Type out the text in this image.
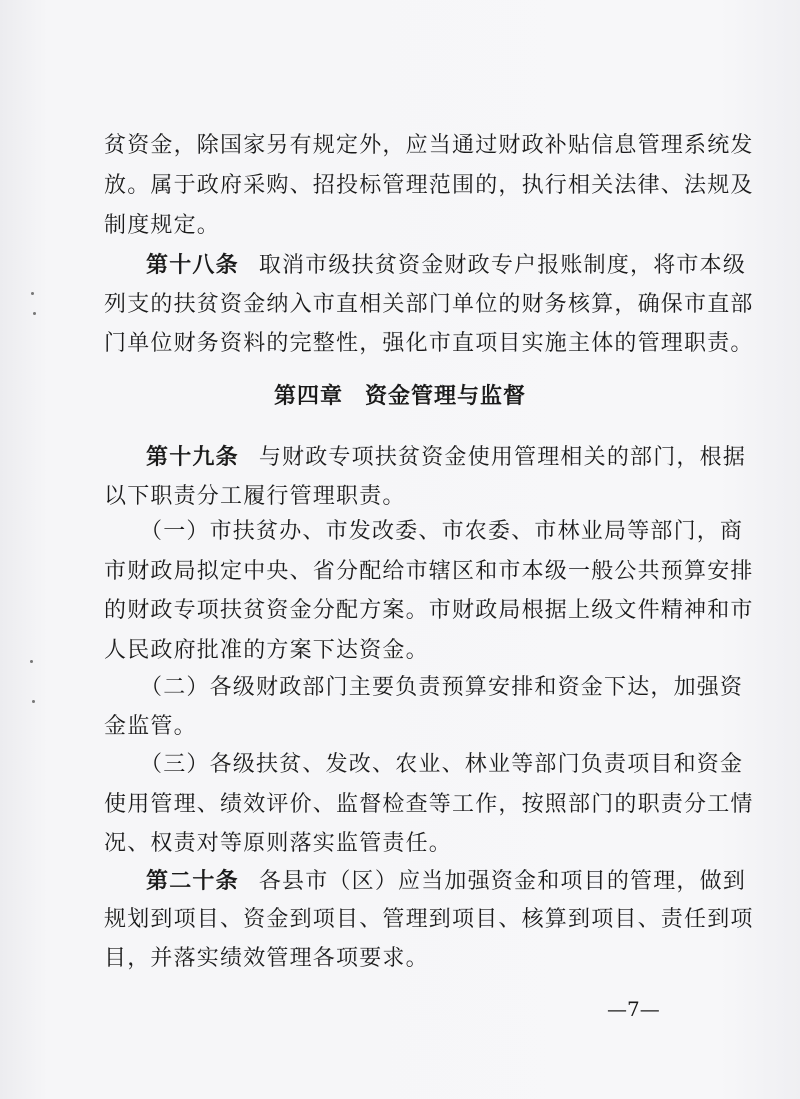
贫资金，除国家另有规定外，应当通过财政补贴信息管理系统发
放。属于政府采购、招投标管理范围的，执行相关法律、法规及
制度规定。
第十八条 取消市级扶贫资金财政专户报账制度，将市本级
列支的扶贫资金纳入市直相关部门单位的财务核算，确保市直部
门单位财务资料的完整性，强化市直项目实施主体的管理职责。
第四章 资金管理与监督
第十九条 与财政专项扶贫资金使用管理相关的部门，根据
以下职责分工履行管理职责。
（一）市扶贫办、市发改委、市农委、市林业局等部门，商
市财政局拟定中央、省分配给市辖区和市本级一般公共预算安排
的财政专项扶贫资金分配方案。市财政局根据上级文件精神和市
人民政府批准的方案下达资金。
（二）各级财政部门主要负责预算安排和资金下达，加强资
金监管。
（三）各级扶贫、发改、农业、林业等部门负责项目和资金
使用管理、绩效评价、监督检查等工作，按照部门的职责分工情
况、权责对等原则落实监管责任。
第二十条 各县市（区）应当加强资金和项目的管理，做到
规划到项目、资金到项目、管理到项目、核算到项目、责任到项
目，并落实绩效管理各项要求。
—7—
